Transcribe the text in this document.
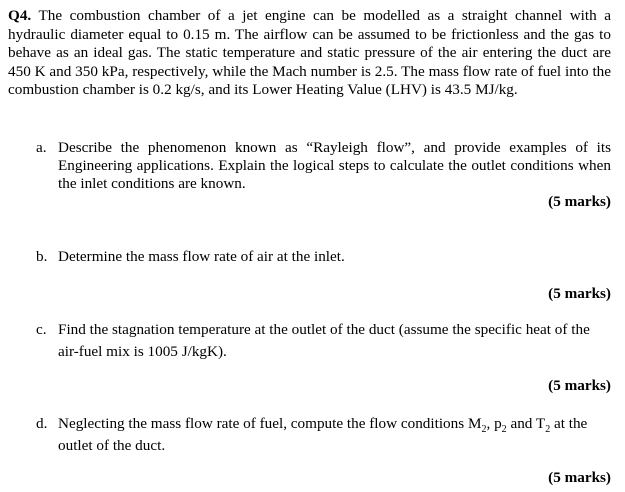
Q4. The combustion chamber of a jet engine can be modelled as a straight channel with a hydraulic diameter equal to 0.15 m. The airflow can be assumed to be frictionless and the gas to behave as an ideal gas. The static temperature and static pressure of the air entering the duct are 450 K and 350 kPa, respectively, while the Mach number is 2.5. The mass flow rate of fuel into the combustion chamber is 0.2 kg/s, and its Lower Heating Value (LHV) is 43.5 MJ/kg.

a. Describe the phenomenon known as “Rayleigh flow”, and provide examples of its Engineering applications. Explain the logical steps to calculate the outlet conditions when the inlet conditions are known.

(5 marks)

b. Determine the mass flow rate of air at the inlet.

(5 marks)

c. Find the stagnation temperature at the outlet of the duct (assume the specific heat of the air-fuel mix is 1005 J/kgK).

(5 marks)

d. Neglecting the mass flow rate of fuel, compute the flow conditions $M_2$, $p_2$ and $T_2$ at the outlet of the duct.

(5 marks)
